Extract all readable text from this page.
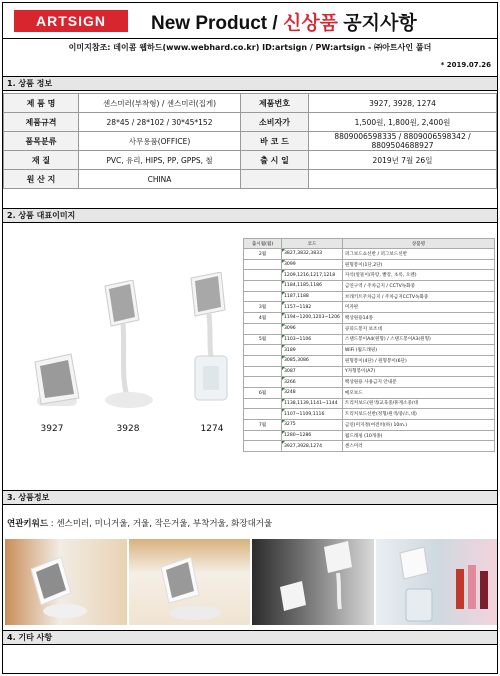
ARTSIGN	New Product / 신상품 공지사항
이미지참조: 데이콤 웹하드(www.webhard.co.kr) ID:artsign / PW:artsign - ㈜아트사인 풀더
* 2019.07.26
1. 상품 정보
제 품 명	센스미러(부착형) / 센스미러(집게)	제품번호	3927, 3928, 1274
제품규격	28*45 / 28*102 / 30*45*152	소비자가	1,500원, 1,800원, 2,400원
품목분류	사무용품(OFFICE)	바 코 드	8809006598335 / 8809006598342 / 8809504688927
재 질	PVC, 유리, HIPS, PP, GPPS, 철	출 시 일	2019년 7월 26일
원 산 지	CHINA		
2. 상품 대표이미지
3927	3928	1274
출시월(월)	코드	상품명
2월	3827,3832,3833	퍼그보드쇼선반 / 퍼그보드선반
	3099	원형봉이(1단,2단)
	1209,1216,1217,1218	자석(알뜰이/파랑, 빨강, 초록, 오렌)
	1184,1185,1186	금연구역 / 주차금지 / CCTV녹화중
	1187,1188	브래키트주차금지 / 주차금지CCTV녹화중
3월	1157~1182	미자판
4월	1194~1200,1203~1206	백상원용14종
	3096	큐피드봉지 보조대
5월	1103~1106	스탠드봉이A4(원형) / 스탠드봉이A3(원형)
	3189	WiFi (월드래핑)
	3085,3086	원형봉이(4단) / 원형봉이(6단)
	3087	Y자형봉이(A7)
	3266	백상원용 사용금지 안내문
6월	3248	메모보드
	1138,1139,1141~1144	트리커보드(원색/교육중/휴게소중/대
	1107~1109,1116	트리커보드선반(정형/원색/중/소,대)
7월	3275	금연(미지정(여전히(하) 10m.)
	1280~1286	월드래핑 (10개종)
	3927,3928,1274	센스미러
3. 상품정보
연관키워드 : 센스미러, 미니거울, 거울, 작은거울, 부착거울, 화장대거울
4. 기타 사항
